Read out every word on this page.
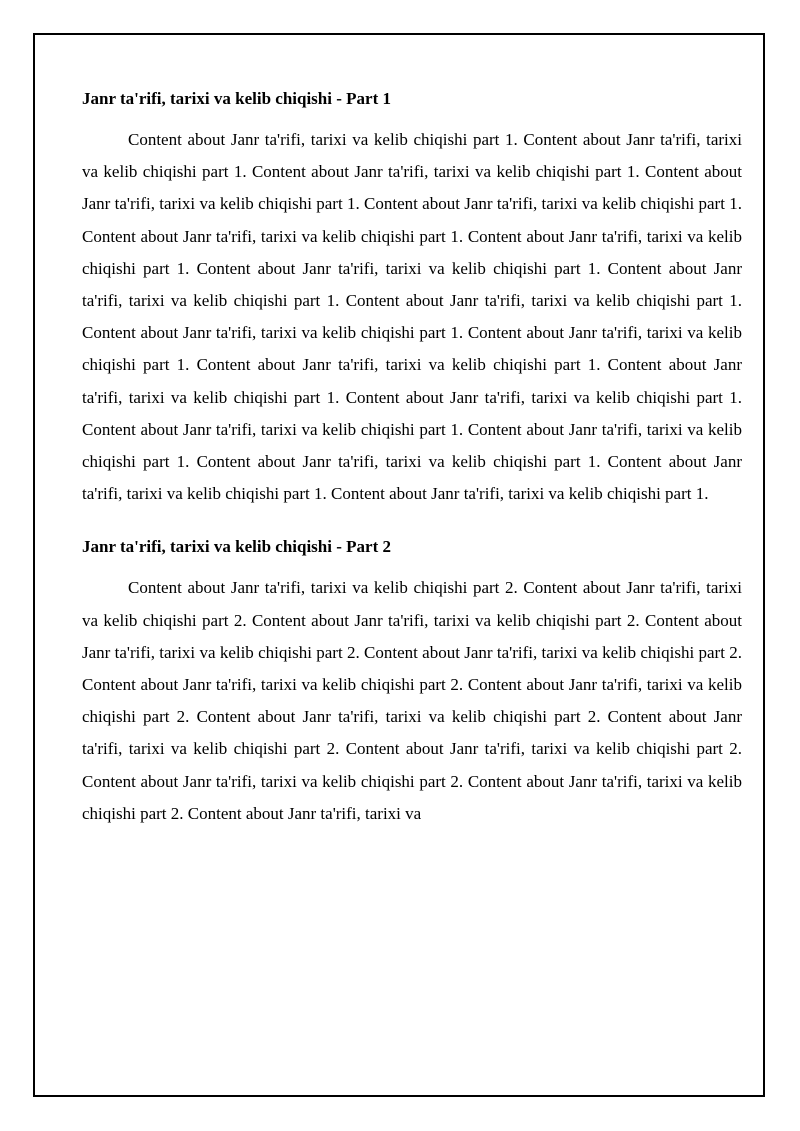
Janr ta'rifi, tarixi va kelib chiqishi - Part 1

Content about Janr ta'rifi, tarixi va kelib chiqishi part 1. Content about Janr ta'rifi, tarixi va kelib chiqishi part 1. Content about Janr ta'rifi, tarixi va kelib chiqishi part 1. Content about Janr ta'rifi, tarixi va kelib chiqishi part 1. Content about Janr ta'rifi, tarixi va kelib chiqishi part 1. Content about Janr ta'rifi, tarixi va kelib chiqishi part 1. Content about Janr ta'rifi, tarixi va kelib chiqishi part 1. Content about Janr ta'rifi, tarixi va kelib chiqishi part 1. Content about Janr ta'rifi, tarixi va kelib chiqishi part 1. Content about Janr ta'rifi, tarixi va kelib chiqishi part 1. Content about Janr ta'rifi, tarixi va kelib chiqishi part 1. Content about Janr ta'rifi, tarixi va kelib chiqishi part 1. Content about Janr ta'rifi, tarixi va kelib chiqishi part 1. Content about Janr ta'rifi, tarixi va kelib chiqishi part 1. Content about Janr ta'rifi, tarixi va kelib chiqishi part 1. Content about Janr ta'rifi, tarixi va kelib chiqishi part 1. Content about Janr ta'rifi, tarixi va kelib chiqishi part 1. Content about Janr ta'rifi, tarixi va kelib chiqishi part 1. Content about Janr ta'rifi, tarixi va kelib chiqishi part 1. Content about Janr ta'rifi, tarixi va kelib chiqishi part 1.

Janr ta'rifi, tarixi va kelib chiqishi - Part 2

Content about Janr ta'rifi, tarixi va kelib chiqishi part 2. Content about Janr ta'rifi, tarixi va kelib chiqishi part 2. Content about Janr ta'rifi, tarixi va kelib chiqishi part 2. Content about Janr ta'rifi, tarixi va kelib chiqishi part 2. Content about Janr ta'rifi, tarixi va kelib chiqishi part 2. Content about Janr ta'rifi, tarixi va kelib chiqishi part 2. Content about Janr ta'rifi, tarixi va kelib chiqishi part 2. Content about Janr ta'rifi, tarixi va kelib chiqishi part 2. Content about Janr ta'rifi, tarixi va kelib chiqishi part 2. Content about Janr ta'rifi, tarixi va kelib chiqishi part 2. Content about Janr ta'rifi, tarixi va kelib chiqishi part 2. Content about Janr ta'rifi, tarixi va kelib chiqishi part 2. Content about Janr ta'rifi, tarixi va
